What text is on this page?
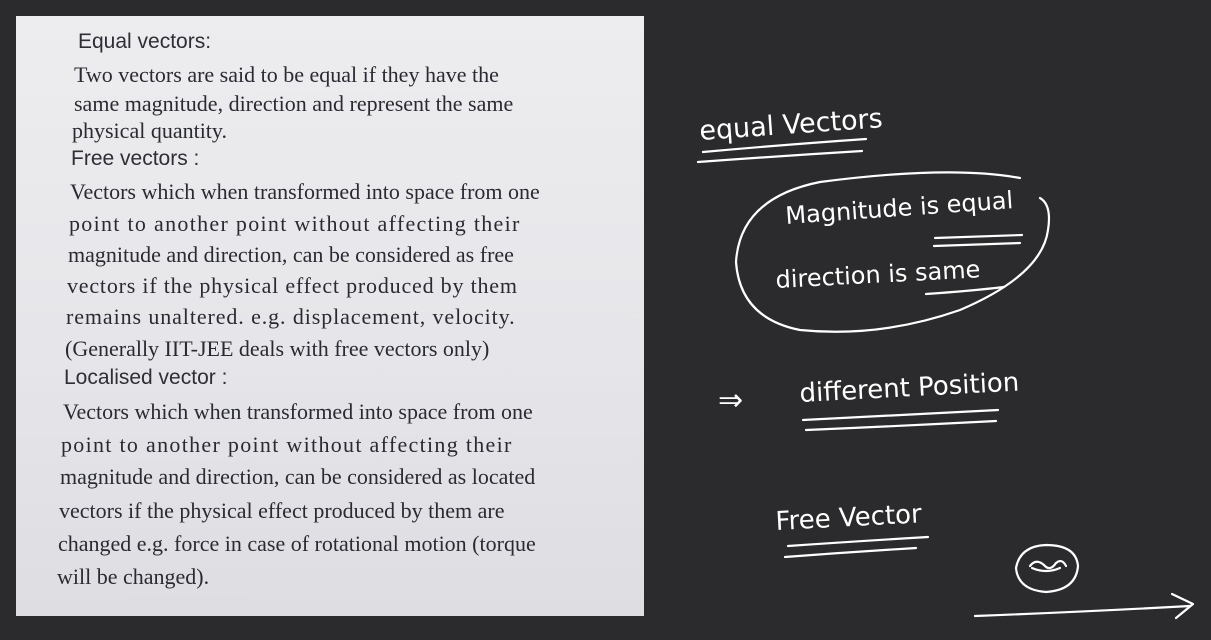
Equal vectors:
Two vectors are said to be equal if they have the
same magnitude, direction and represent the same
physical quantity.
Free vectors :
Vectors which when transformed into space from one
point to another point without affecting their
magnitude and direction, can be considered as free
vectors if the physical effect produced by them
remains unaltered. e.g. displacement, velocity.
(Generally IIT-JEE deals with free vectors only)
Localised vector :
Vectors which when transformed into space from one
point to another point without affecting their
magnitude and direction, can be considered as located
vectors if the physical effect produced by them are
changed e.g. force in case of rotational motion (torque
will be changed).
equal Vectors
Magnitude is equal
direction is same
⇒ different Position
Free Vector
